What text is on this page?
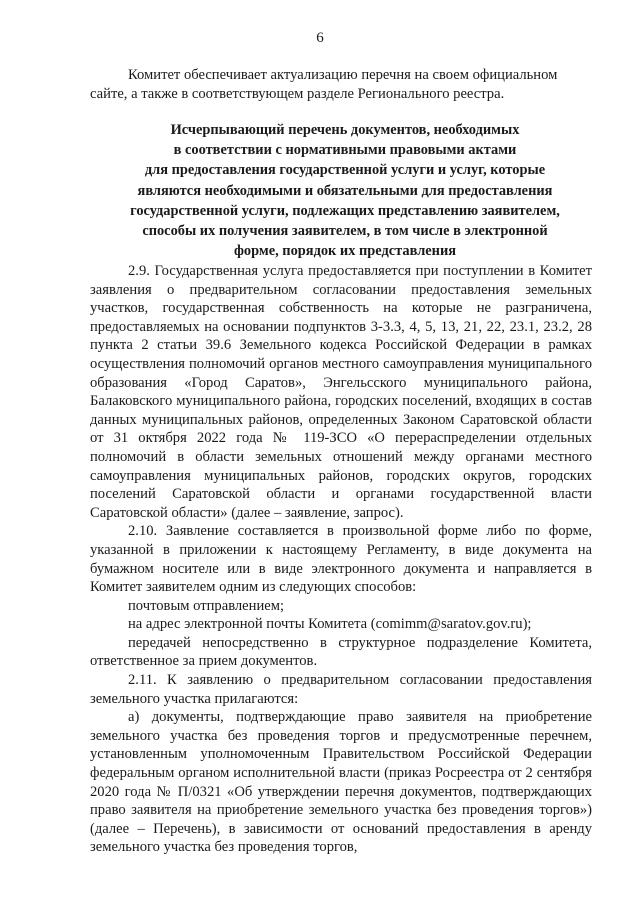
6

Комитет обеспечивает актуализацию перечня на своем официальном

сайте, а также в соответствующем разделе Регионального реестра.

Исчерпывающий перечень документов, необходимых
в соответствии с нормативными правовыми актами
для предоставления государственной услуги и услуг, которые
являются необходимыми и обязательными для предоставления
государственной услуги, подлежащих представлению заявителем,
способы их получения заявителем, в том числе в электронной
форме, порядок их представления

2.9. Государственная услуга предоставляется при поступлении в Комитет заявления о предварительном согласовании предоставления земельных участков, государственная собственность на которые не разграничена, предоставляемых на основании подпунктов 3-3.3, 4, 5, 13, 21, 22, 23.1, 23.2, 28 пункта 2 статьи 39.6 Земельного кодекса Российской Федерации в рамках осуществления полномочий органов местного самоуправления муниципального образования «Город Саратов», Энгельсского муниципального района, Балаковского муниципального района, городских поселений, входящих в состав данных муниципальных районов, определенных Законом Саратовской области от 31 октября 2022 года № 119-ЗСО «О перераспределении отдельных полномочий в области земельных отношений между органами местного самоуправления муниципальных районов, городских округов, городских поселений Саратовской области и органами государственной власти Саратовской области» (далее – заявление, запрос).

2.10. Заявление составляется в произвольной форме либо по форме, указанной в приложении к настоящему Регламенту, в виде документа на бумажном носителе или в виде электронного документа и направляется в Комитет заявителем одним из следующих способов:

почтовым отправлением;

на адрес электронной почты Комитета (comimm@saratov.gov.ru);

передачей непосредственно в структурное подразделение Комитета, ответственное за прием документов.

2.11. К заявлению о предварительном согласовании предоставления земельного участка прилагаются:

а) документы, подтверждающие право заявителя на приобретение земельного участка без проведения торгов и предусмотренные перечнем, установленным уполномоченным Правительством Российской Федерации федеральным органом исполнительной власти (приказ Росреестра от 2 сентября 2020 года № П/0321 «Об утверждении перечня документов, подтверждающих право заявителя на приобретение земельного участка без проведения торгов») (далее – Перечень), в зависимости от оснований предоставления в аренду земельного участка без проведения торгов,
